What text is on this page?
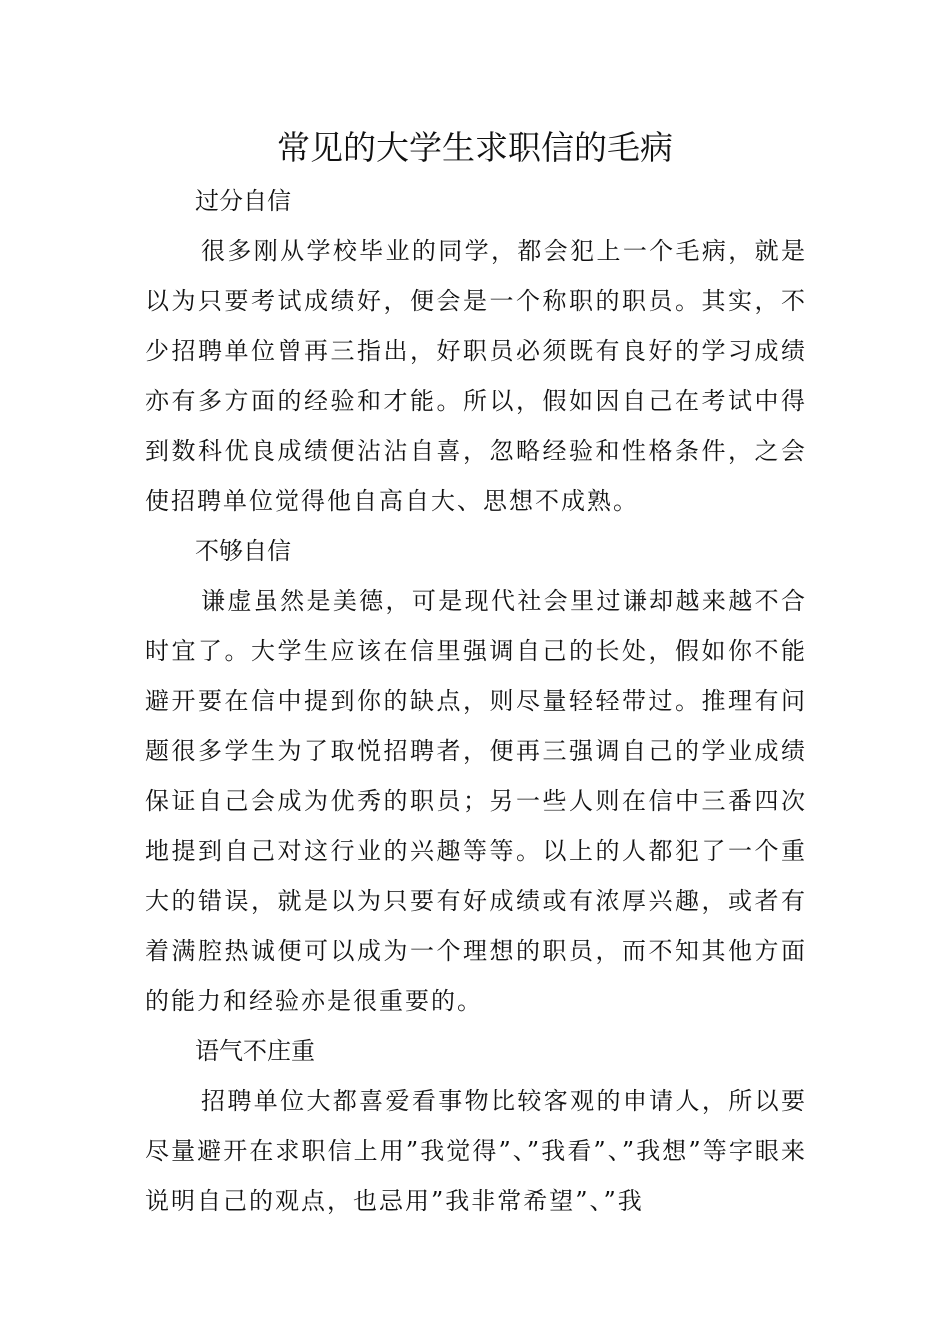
常见的大学生求职信的毛病

过分自信

很多刚从学校毕业的同学，都会犯上一个毛病，就是以为只要考试成绩好，便会是一个称职的职员。其实，不少招聘单位曾再三指出，好职员必须既有良好的学习成绩亦有多方面的经验和才能。所以，假如因自己在考试中得到数科优良成绩便沾沾自喜，忽略经验和性格条件，之会使招聘单位觉得他自高自大、思想不成熟。

不够自信

谦虚虽然是美德，可是现代社会里过谦却越来越不合时宜了。大学生应该在信里强调自己的长处，假如你不能避开要在信中提到你的缺点，则尽量轻轻带过。推理有问题很多学生为了取悦招聘者，便再三强调自己的学业成绩保证自己会成为优秀的职员；另一些人则在信中三番四次地提到自己对这行业的兴趣等等。以上的人都犯了一个重大的错误，就是以为只要有好成绩或有浓厚兴趣，或者有着满腔热诚便可以成为一个理想的职员，而不知其他方面的能力和经验亦是很重要的。

语气不庄重

招聘单位大都喜爱看事物比较客观的申请人，所以要尽量避开在求职信上用”我觉得”、”我看”、”我想”等字眼来说明自己的观点，也忌用”我非常希望”、”我
